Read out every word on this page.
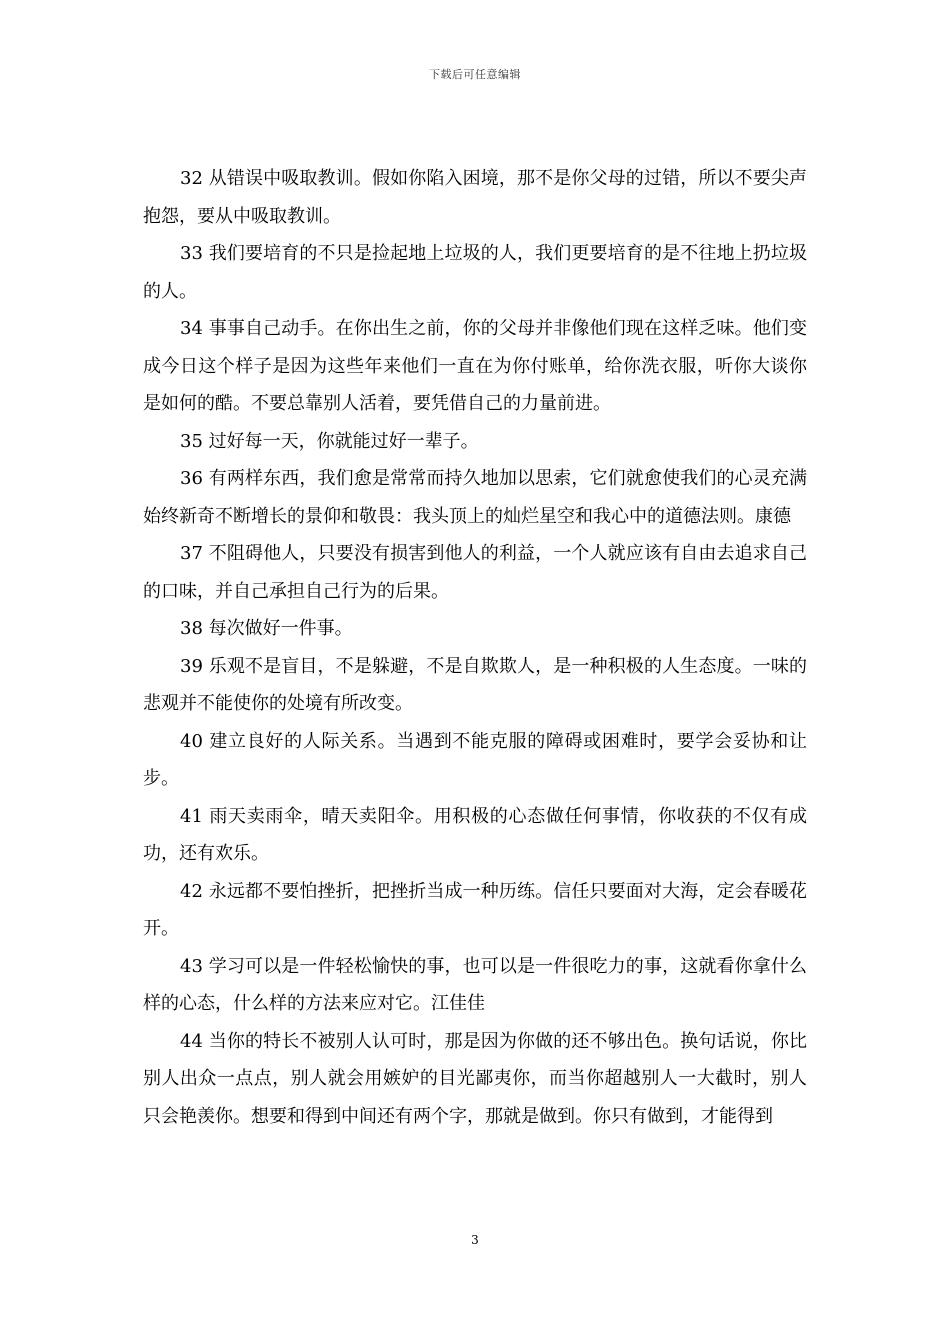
下载后可任意编辑

32 从错误中吸取教训。假如你陷入困境，那不是你父母的过错，所以不要尖声抱怨，要从中吸取教训。

33 我们要培育的不只是捡起地上垃圾的人，我们更要培育的是不往地上扔垃圾的人。

34 事事自己动手。在你出生之前，你的父母并非像他们现在这样乏味。他们变成今日这个样子是因为这些年来他们一直在为你付账单，给你洗衣服，听你大谈你是如何的酷。不要总靠别人活着，要凭借自己的力量前进。

35 过好每一天，你就能过好一辈子。

36 有两样东西，我们愈是常常而持久地加以思索，它们就愈使我们的心灵充满始终新奇不断增长的景仰和敬畏：我头顶上的灿烂星空和我心中的道德法则。康德

37 不阻碍他人，只要没有损害到他人的利益，一个人就应该有自由去追求自己的口味，并自己承担自己行为的后果。

38 每次做好一件事。

39 乐观不是盲目，不是躲避，不是自欺欺人，是一种积极的人生态度。一味的悲观并不能使你的处境有所改变。

40 建立良好的人际关系。当遇到不能克服的障碍或困难时，要学会妥协和让步。

41 雨天卖雨伞，晴天卖阳伞。用积极的心态做任何事情，你收获的不仅有成功，还有欢乐。

42 永远都不要怕挫折，把挫折当成一种历练。信任只要面对大海，定会春暖花开。

43 学习可以是一件轻松愉快的事，也可以是一件很吃力的事，这就看你拿什么样的心态，什么样的方法来应对它。江佳佳

44 当你的特长不被别人认可时，那是因为你做的还不够出色。换句话说，你比别人出众一点点，别人就会用嫉妒的目光鄙夷你，而当你超越别人一大截时，别人只会艳羡你。想要和得到中间还有两个字，那就是做到。你只有做到，才能得到

3
